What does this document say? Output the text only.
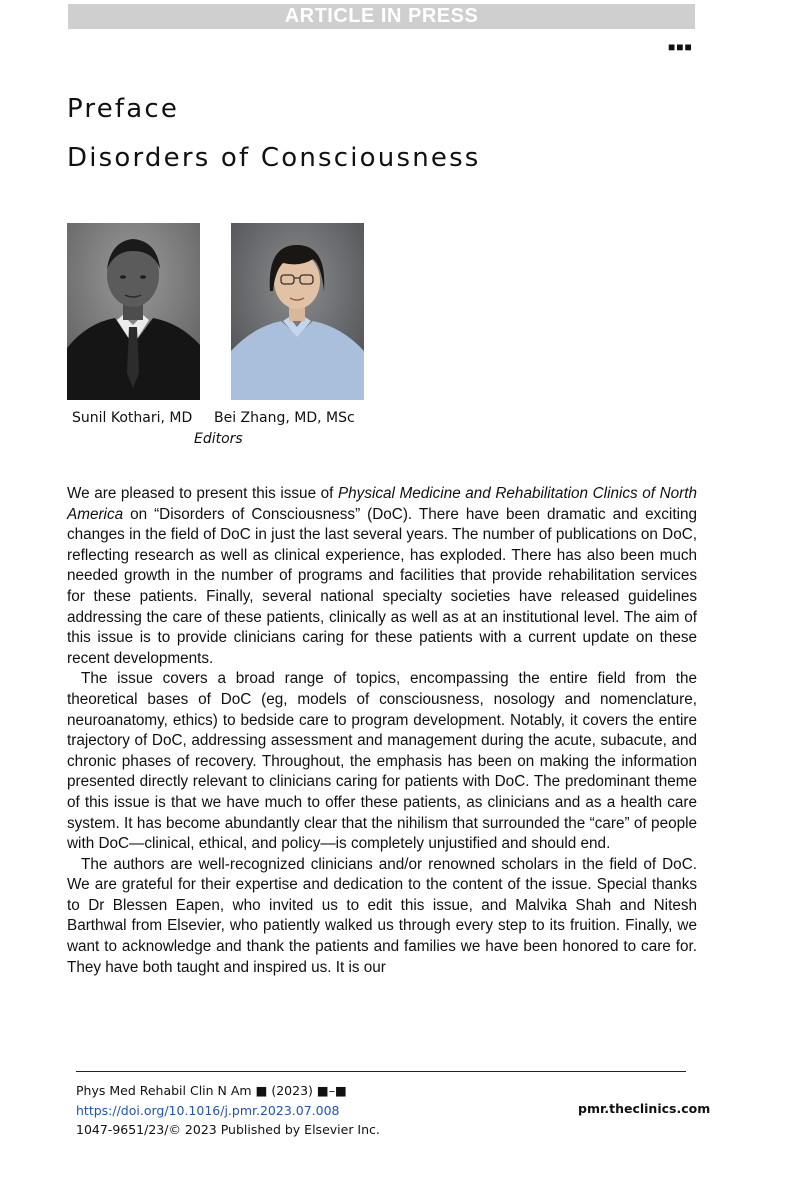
ARTICLE IN PRESS
■■■
Preface
Disorders of Consciousness
Sunil Kothari, MD Bei Zhang, MD, MSc
Editors

We are pleased to present this issue of Physical Medicine and Rehabilitation Clinics of North America on “Disorders of Consciousness” (DoC). There have been dramatic and exciting changes in the field of DoC in just the last several years. The number of publications on DoC, reflecting research as well as clinical experience, has exploded. There has also been much needed growth in the number of programs and facilities that provide rehabilitation services for these patients. Finally, several national specialty societies have released guidelines addressing the care of these patients, clinically as well as at an institutional level. The aim of this issue is to provide clinicians caring for these patients with a current update on these recent developments.

The issue covers a broad range of topics, encompassing the entire field from the theoretical bases of DoC (eg, models of consciousness, nosology and nomenclature, neuroanatomy, ethics) to bedside care to program development. Notably, it covers the entire trajectory of DoC, addressing assessment and management during the acute, subacute, and chronic phases of recovery. Throughout, the emphasis has been on making the information presented directly relevant to clinicians caring for patients with DoC. The predominant theme of this issue is that we have much to offer these patients, as clinicians and as a health care system. It has become abundantly clear that the nihilism that surrounded the “care” of people with DoC—clinical, ethical, and policy—is completely unjustified and should end.

The authors are well-recognized clinicians and/or renowned scholars in the field of DoC. We are grateful for their expertise and dedication to the content of the issue. Special thanks to Dr Blessen Eapen, who invited us to edit this issue, and Malvika Shah and Nitesh Barthwal from Elsevier, who patiently walked us through every step to its fruition. Finally, we want to acknowledge and thank the patients and families we have been honored to care for. They have both taught and inspired us. It is our

Phys Med Rehabil Clin N Am ■ (2023) ■–■
https://doi.org/10.1016/j.pmr.2023.07.008
1047-9651/23/© 2023 Published by Elsevier Inc.
pmr.theclinics.com
